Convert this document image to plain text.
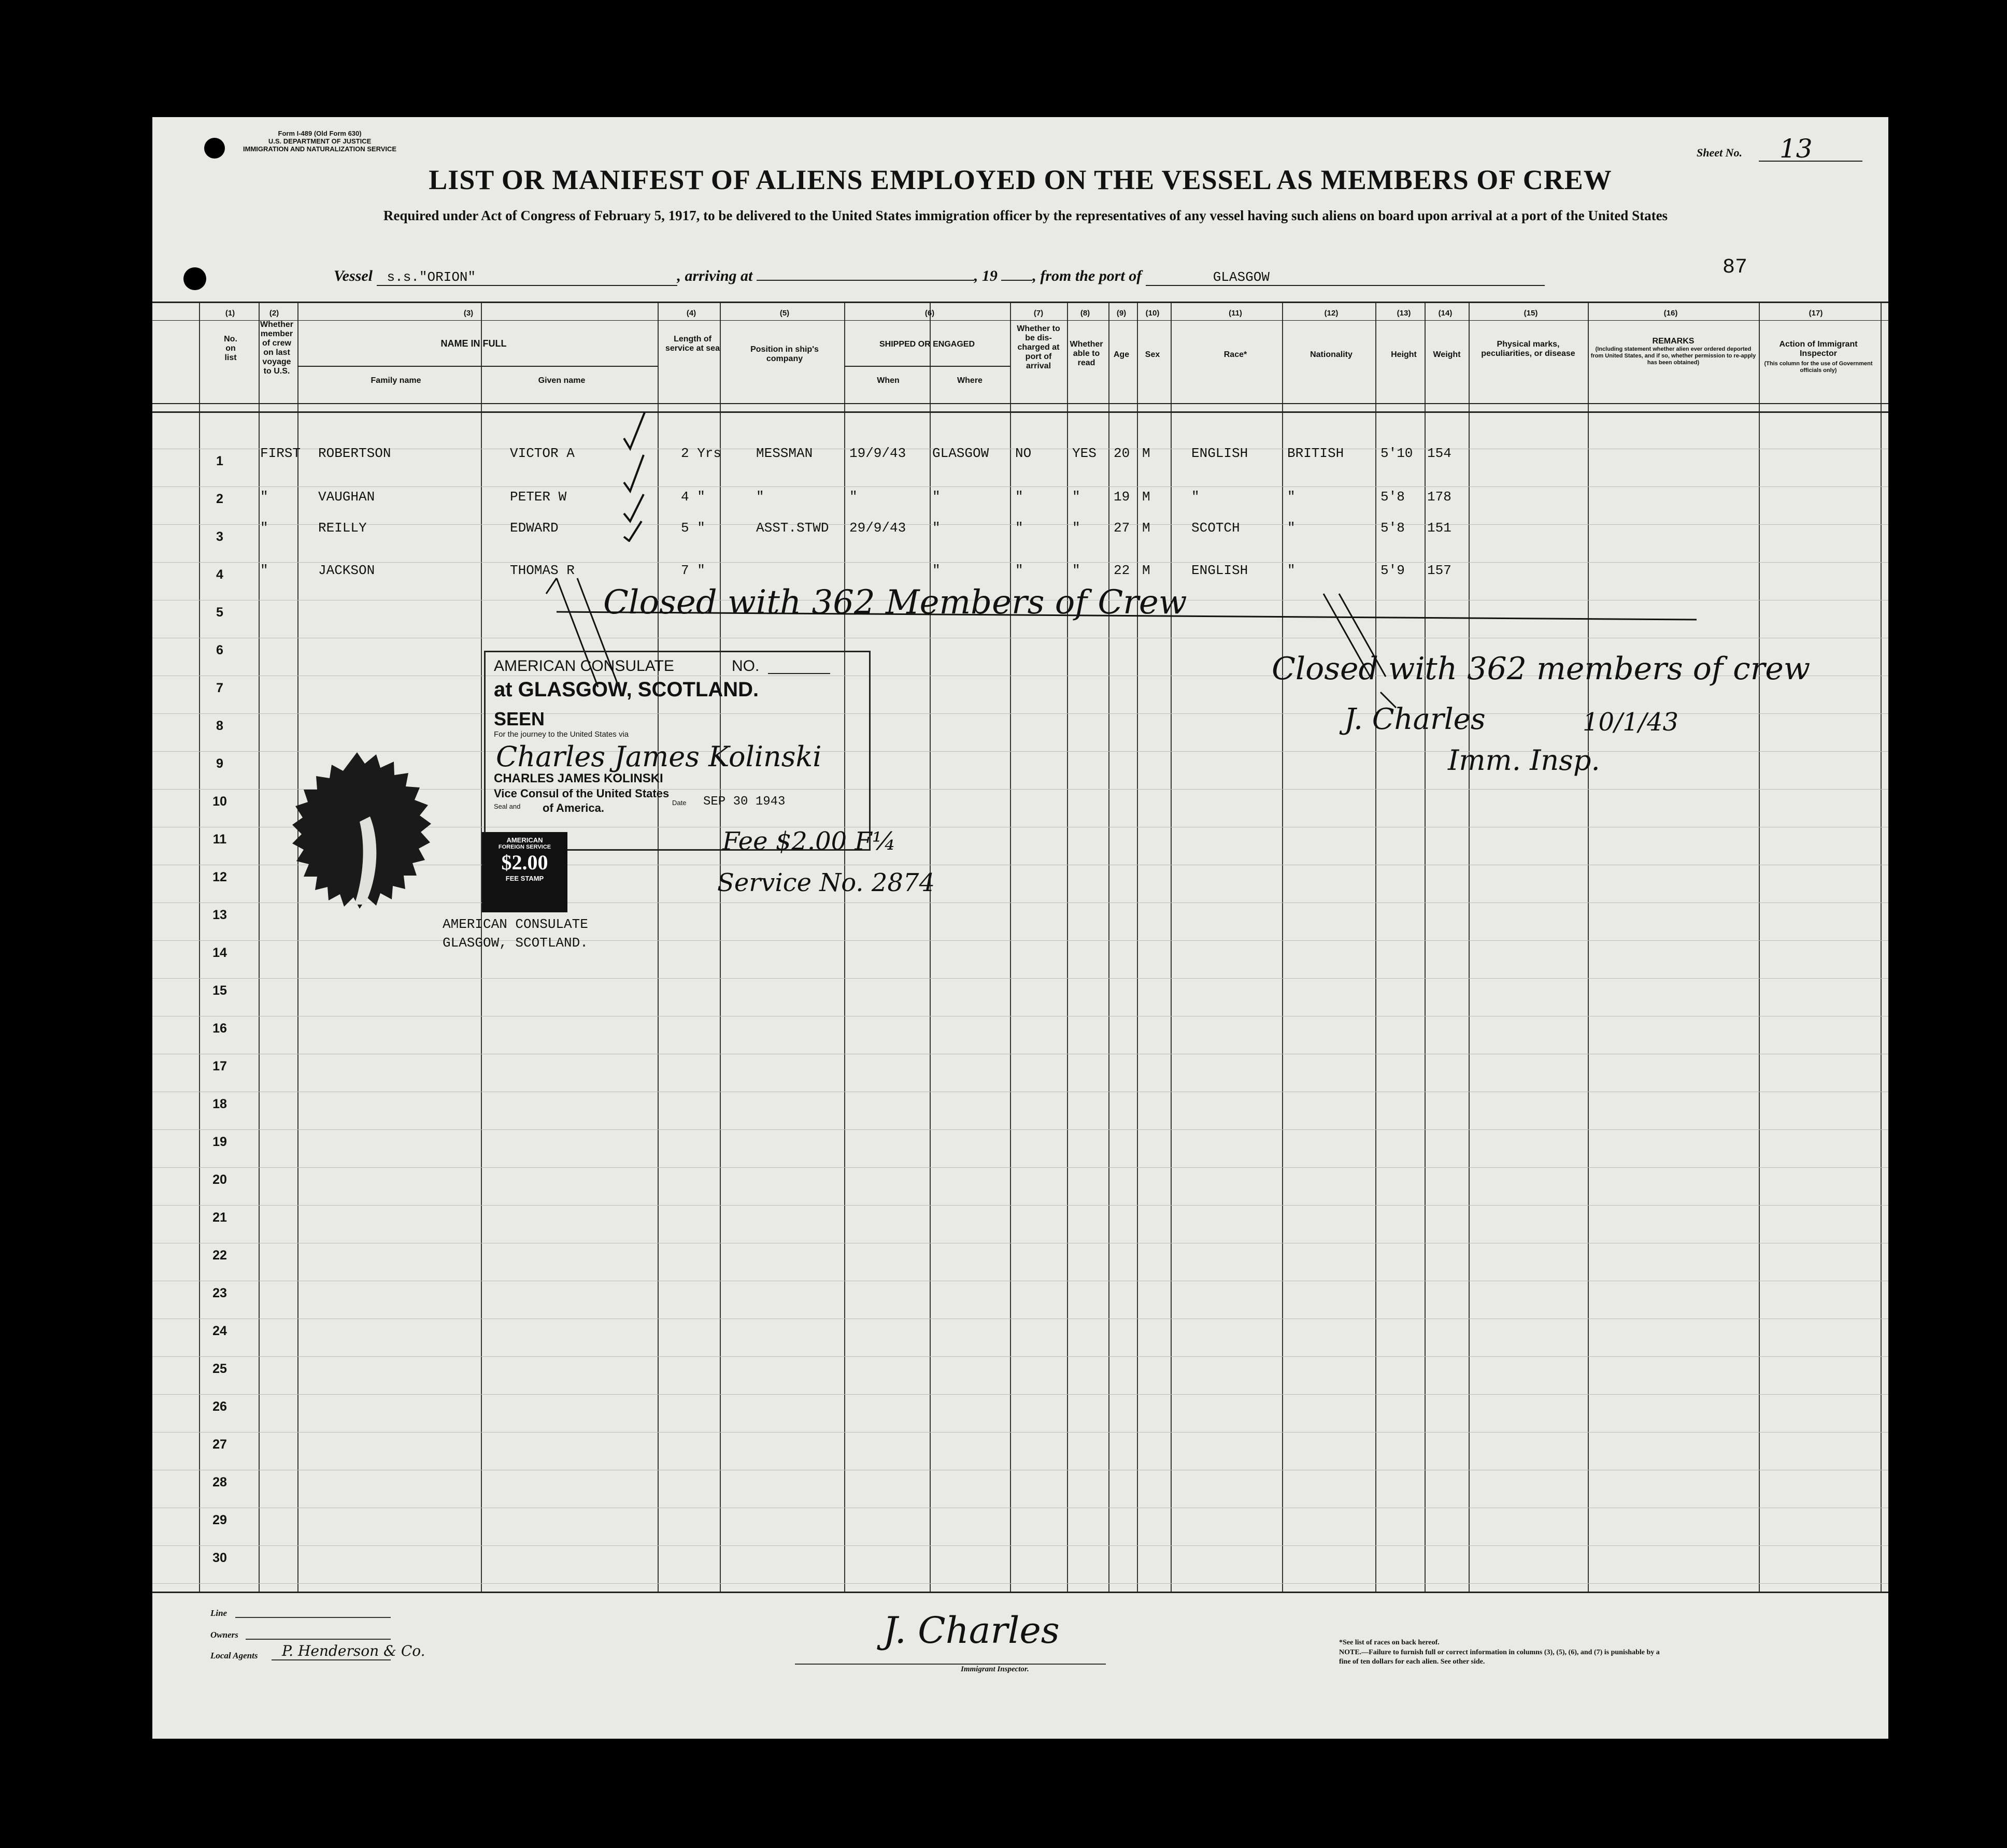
Form I-489 (Old Form 630)
U.S. DEPARTMENT OF JUSTICE
IMMIGRATION AND NATURALIZATION SERVICE	Sheet No. 13
LIST OR MANIFEST OF ALIENS EMPLOYED ON THE VESSEL AS MEMBERS OF CREW
Required under Act of Congress of February 5, 1917, to be delivered to the United States immigration officer by the representatives of any vessel having such aliens on board upon arrival at a port of the United States
Vessel s.s."ORION"	, arriving at	, 19 , from the port of	GLASGOW	87
(1)
No. on list
(2)
Whether member of crew on last voyage to U.S.
(3)
NAME IN FULL
Family name	Given name
(4)
Length of service at sea
(5)
Position in ship's company
(6)
SHIPPED OR ENGAGED
When	Where
(7)
Whether to be dis-charged at port of arrival
(8)
Whether able to read
(9)
Age
(10)
Sex
(11)
Race*
(12)
Nationality
(13)
Height
(14)
Weight
(15)
Physical marks, peculiarities, or disease
(16)
REMARKS
(Including statement whether alien ever ordered deported from United States, and if so, whether permission to re-apply has been obtained)
(17)
Action of Immigrant Inspector
(This column for the use of Government officials only)
1
2
3
4
5
6
7
8
9
10
11
12
13
14
15
16
17
18
19
20
21
22
23
24
25
26
27
28
29
30
FIRST ROBERTSON	VICTOR A	2 Yrs	MESSMAN	19/9/43 GLASGOW NO	YES 20 M	ENGLISH	BRITISH	5'10 154
"	VAUGHAN	PETER W	4 "	"	"	"	"	" 19 M	"	"	5'8 178
"	REILLY	EDWARD	5 "	ASST.STWD 29/9/43 "	"	" 27 M	SCOTCH	"	5'8 151
"	JACKSON	THOMAS R	7 "	"	"	" 22 M	ENGLISH	"	5'9 157
Closed with 362 Members of Crew
AMERICAN CONSULATE	NO.
at GLASGOW, SCOTLAND.
SEEN
For the journey to the United States via
Charles James Kolinski
CHARLES JAMES KOLINSKI
Vice Consul of the United States
Seal and of America.	Date SEP 30 1943
AMERICAN
FOREIGN SERVICE
$2.00
FEE STAMP
AMERICAN CONSULATE
GLASGOW, SCOTLAND.
Fee $2.00 F¼
Service No. 2874
Closed with 362 members of crew
J. Charles	10/1/43
Imm. Insp.
Line
Owners
Local Agents P. Henderson & Co.	J. Charles
Immigrant Inspector.
*See list of races on back hereof.
NOTE.—Failure to furnish full or correct information in columns (3), (5), (6), and (7) is punishable by a fine of ten dollars for each alien. See other side.
